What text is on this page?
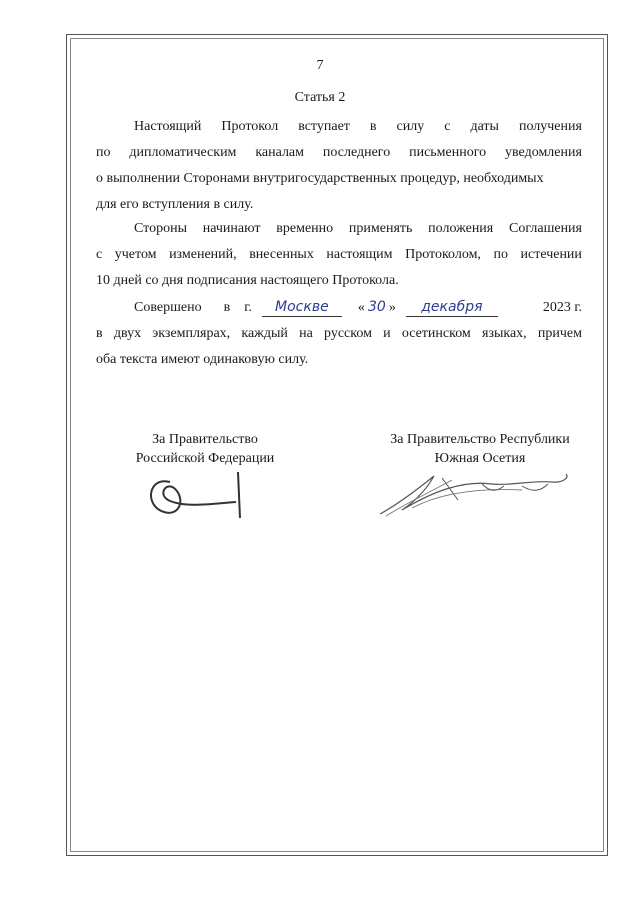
7
Статья 2
Настоящий Протокол вступает в силу с даты получения
по дипломатическим каналам последнего письменного уведомления
о выполнении Сторонами внутригосударственных процедур, необходимых
для его вступления в силу.
Стороны начинают временно применять положения Соглашения
с учетом изменений, внесенных настоящим Протоколом, по истечении
10 дней со дня подписания настоящего Протокола.
Совершено в г.	Москве	« 30 »	декабря	2023 г.
в двух экземплярах, каждый на русском и осетинском языках, причем
оба текста имеют одинаковую силу.
За Правительство
Российской Федерации
За Правительство Республики
Южная Осетия
